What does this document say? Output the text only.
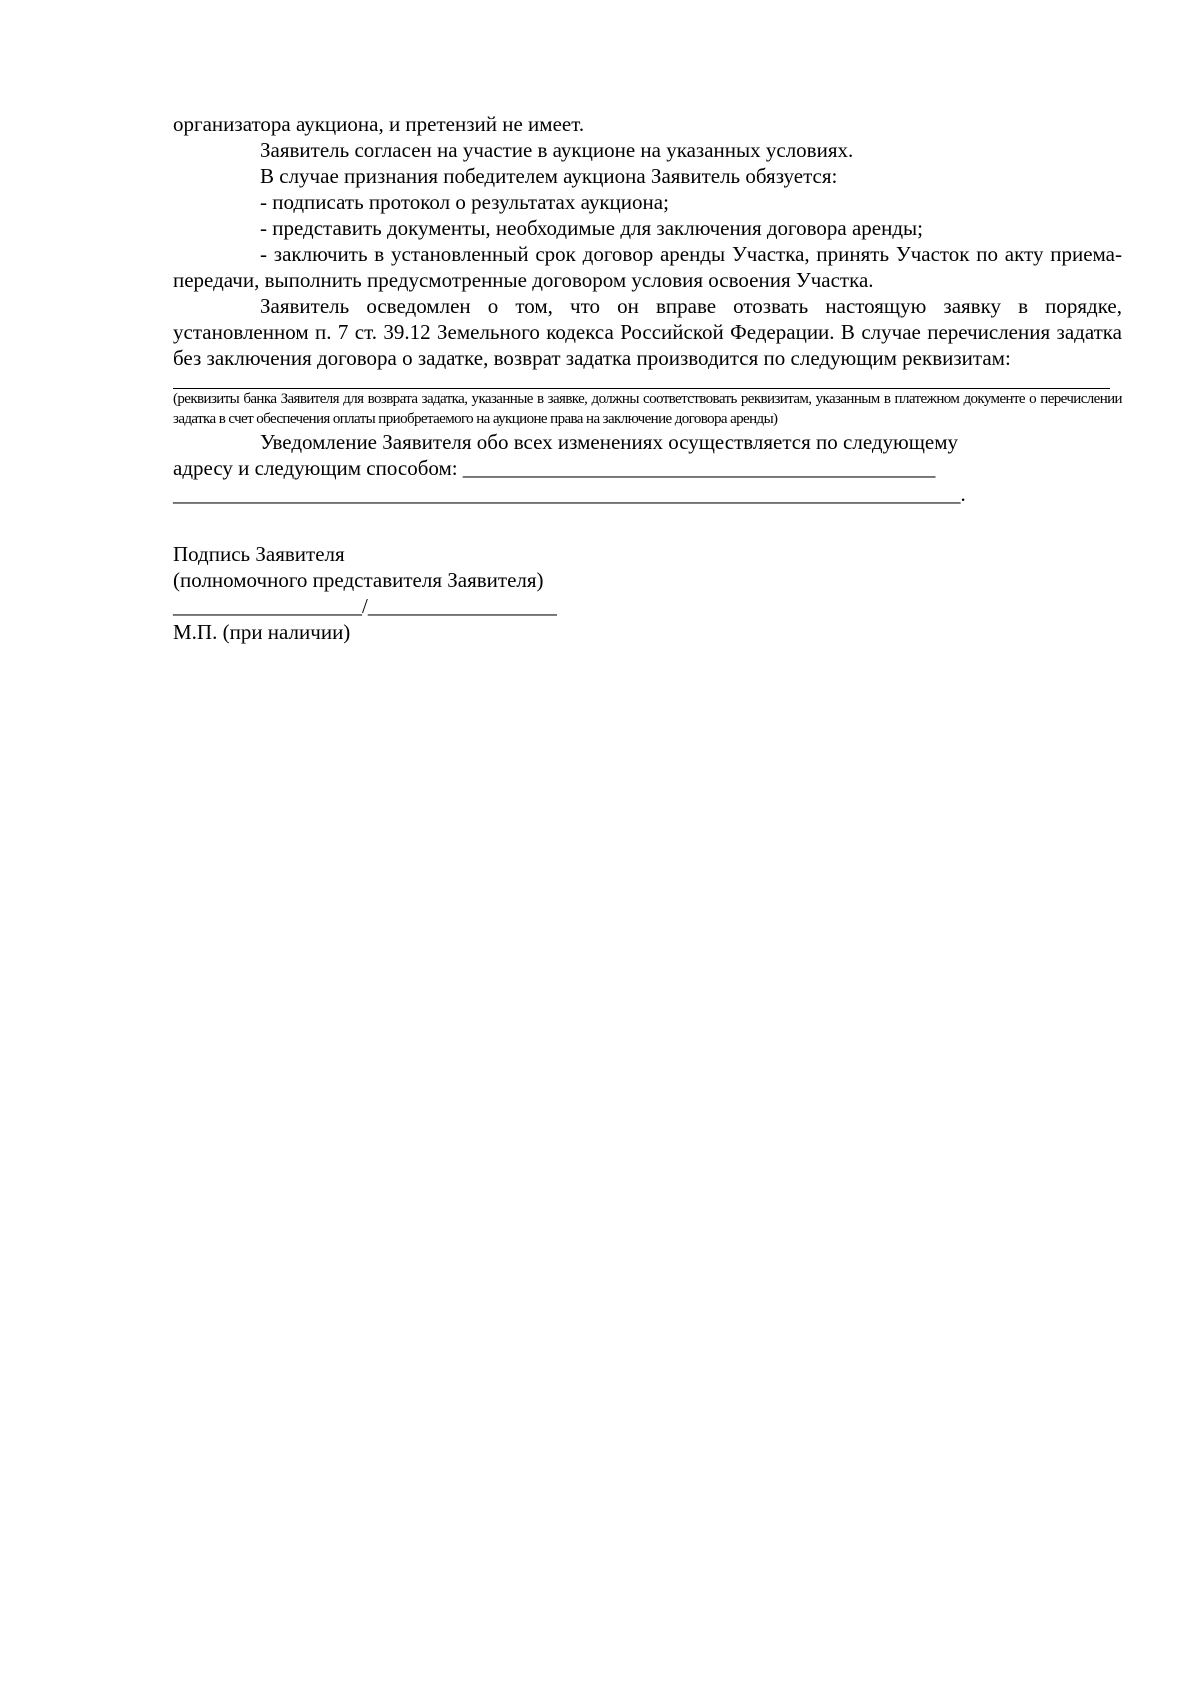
организатора аукциона, и претензий не имеет.

Заявитель согласен на участие в аукционе на указанных условиях.

В случае признания победителем аукциона Заявитель обязуется:

- подписать протокол о результатах аукциона;

- представить документы, необходимые для заключения договора аренды;

- заключить в установленный срок договор аренды Участка, принять Участок по акту приема-передачи, выполнить предусмотренные договором условия освоения Участка.

Заявитель осведомлен о том, что он вправе отозвать настоящую заявку в порядке, установленном п. 7 ст. 39.12 Земельного кодекса Российской Федерации. В случае перечисления задатка без заключения договора о задатке, возврат задатка производится по следующим реквизитам:

(реквизиты банка Заявителя для возврата задатка, указанные в заявке, должны соответствовать реквизитам, указанным в платежном документе о перечислении задатка в счет обеспечения оплаты приобретаемого на аукционе права на заключение договора аренды)

Уведомление Заявителя обо всех изменениях осуществляется по следующему

адресу и следующим способом: _____________________________________________

___________________________________________________________________________.

Подпись Заявителя

(полномочного представителя Заявителя)

__________________/__________________

М.П. (при наличии)
